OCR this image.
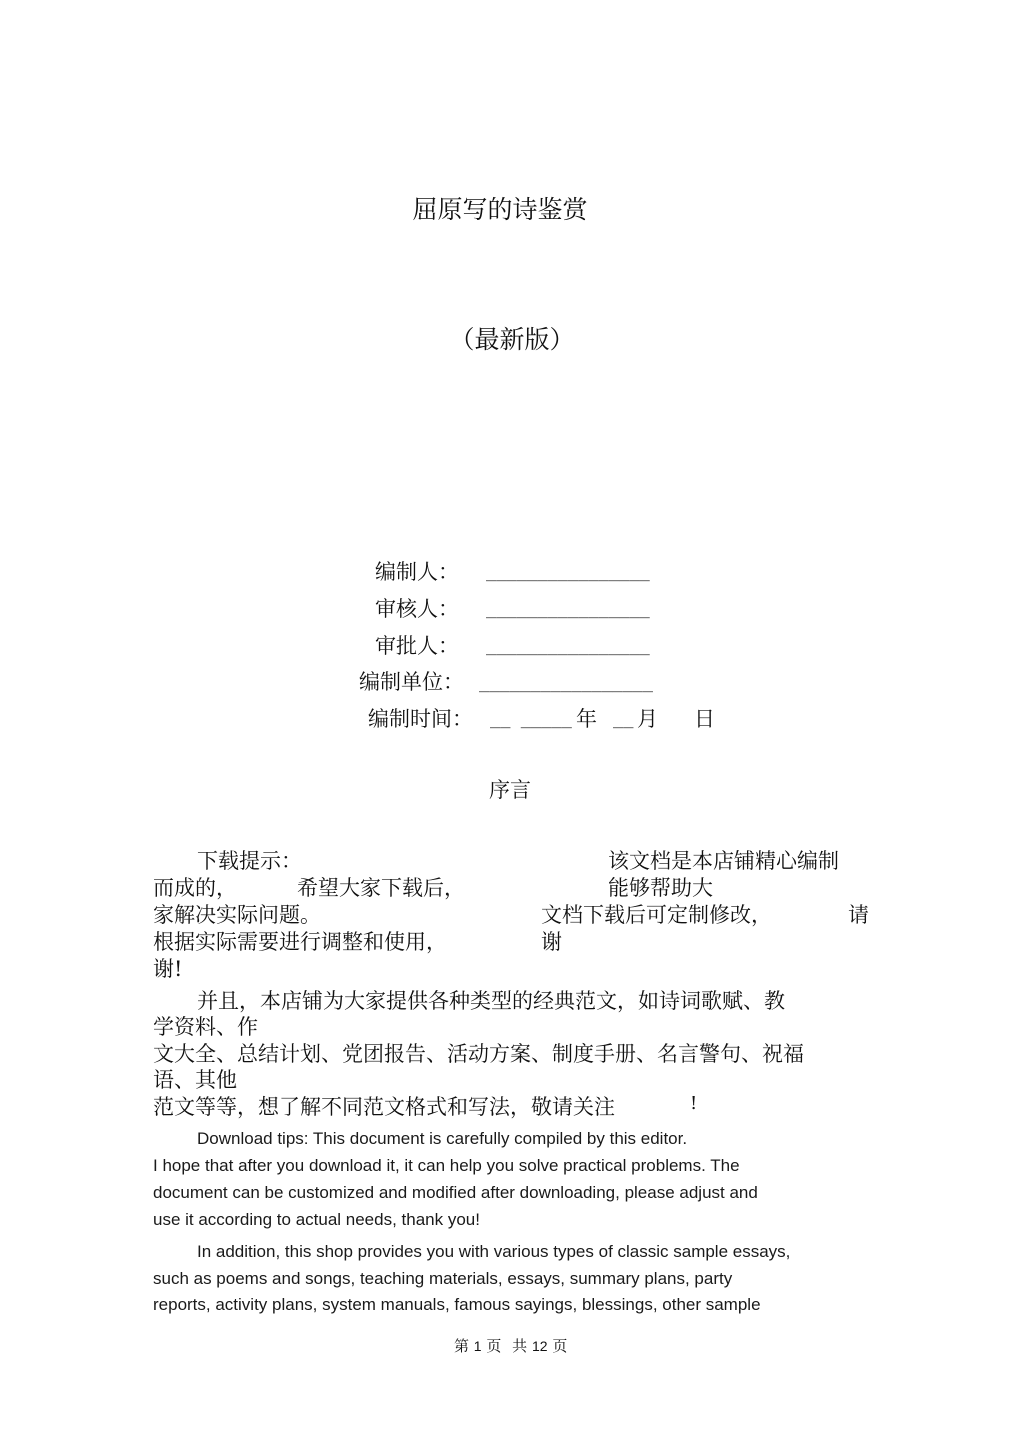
屈原写的诗鉴赏
（最新版）
编制人： ________________
审核人： ________________
审批人： ________________
编制单位： _________________
编制时间： __ _____ 年 __ 月 日
序言
下载提示：	该文档是本店铺精心编制
而成的，	希望大家下载后，	能够帮助大
家解决实际问题。	文档下载后可定制修改，	请
根据实际需要进行调整和使用，	谢
谢!
并且，本店铺为大家提供各种类型的经典范文，如诗词歌赋、教
学资料、作
文大全、总结计划、党团报告、活动方案、制度手册、名言警句、祝福
语、其他
范文等等，想了解不同范文格式和写法，敬请关注	!
Download tips: This document is carefully compiled by this editor.
I hope that after you download it, it can help you solve practical problems. The
document can be customized and modified after downloading, please adjust and
use it according to actual needs, thank you!
In addition, this shop provides you with various types of classic sample essays,
such as poems and songs, teaching materials, essays, summary plans, party
reports, activity plans, system manuals, famous sayings, blessings, other sample
第 1 页 共 12 页
